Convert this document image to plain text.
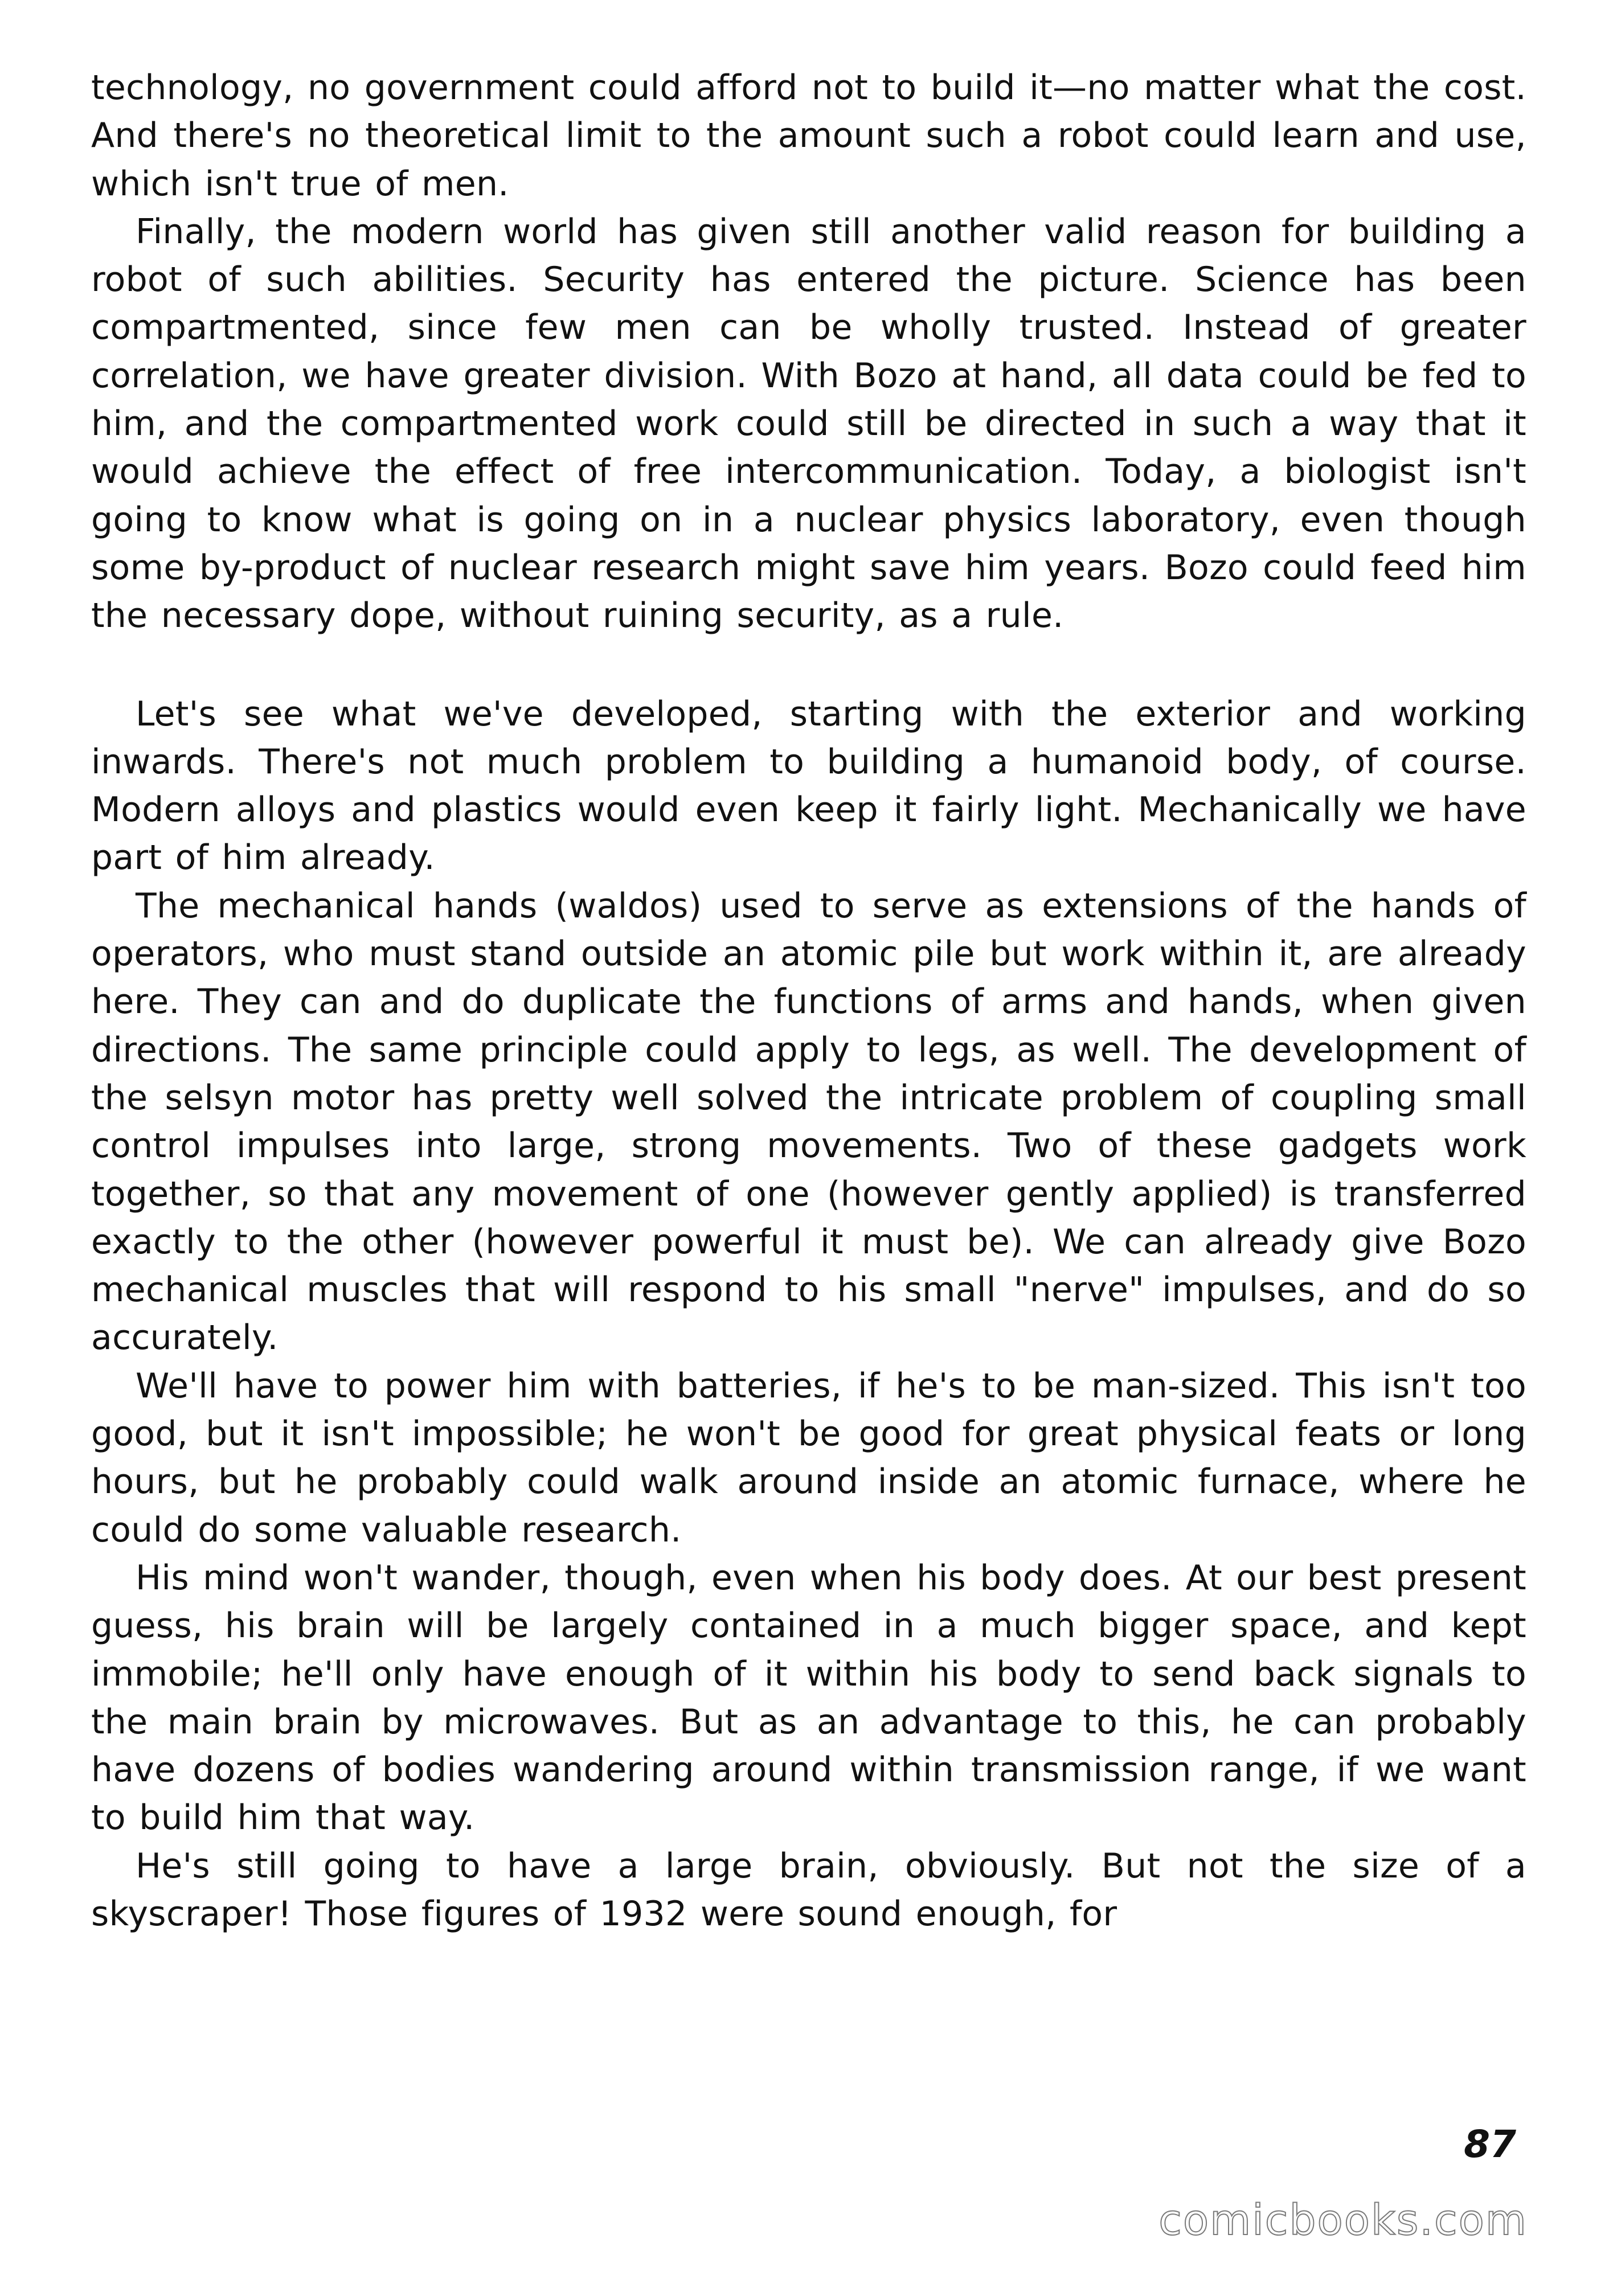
technology, no government could afford not to build it—no matter what the cost. And there's no theoretical limit to the amount such a robot could learn and use, which isn't true of men.

Finally, the modern world has given still another valid reason for building a robot of such abilities. Security has entered the picture. Science has been compartmented, since few men can be wholly trusted. Instead of greater correlation, we have greater division. With Bozo at hand, all data could be fed to him, and the compartmented work could still be directed in such a way that it would achieve the effect of free intercommunication. Today, a biologist isn't going to know what is going on in a nuclear physics laboratory, even though some by-product of nuclear research might save him years. Bozo could feed him the necessary dope, without ruining security, as a rule.

Let's see what we've developed, starting with the exterior and working inwards. There's not much problem to building a humanoid body, of course. Modern alloys and plastics would even keep it fairly light. Mechanically we have part of him already.

The mechanical hands (waldos) used to serve as extensions of the hands of operators, who must stand outside an atomic pile but work within it, are already here. They can and do duplicate the functions of arms and hands, when given directions. The same principle could apply to legs, as well. The development of the selsyn motor has pretty well solved the intricate problem of coupling small control impulses into large, strong movements. Two of these gadgets work together, so that any movement of one (however gently applied) is transferred exactly to the other (however powerful it must be). We can already give Bozo mechanical muscles that will respond to his small "nerve" impulses, and do so accurately.

We'll have to power him with batteries, if he's to be man-sized. This isn't too good, but it isn't impossible; he won't be good for great physical feats or long hours, but he probably could walk around inside an atomic furnace, where he could do some valuable research.

His mind won't wander, though, even when his body does. At our best present guess, his brain will be largely contained in a much bigger space, and kept immobile; he'll only have enough of it within his body to send back signals to the main brain by microwaves. But as an advantage to this, he can probably have dozens of bodies wandering around within transmission range, if we want to build him that way.

He's still going to have a large brain, obviously. But not the size of a skyscraper! Those figures of 1932 were sound enough, for

87
comicbooks.com
